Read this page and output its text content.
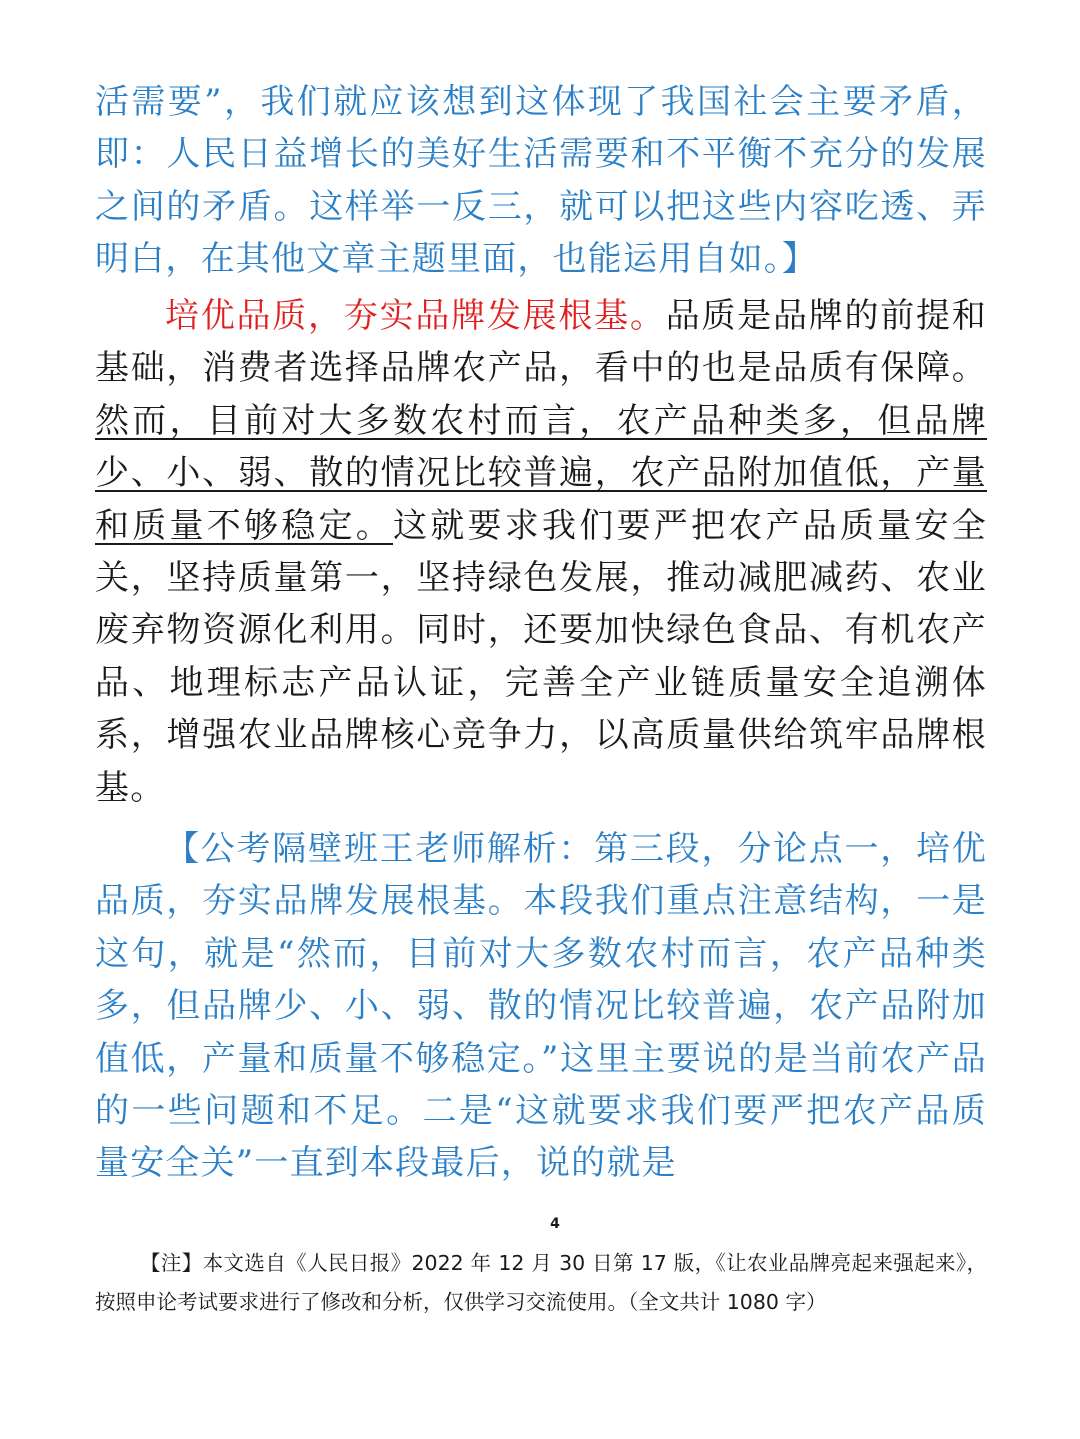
活需要”，我们就应该想到这体现了我国社会主要矛盾，即：人民日益增长的美好生活需要和不平衡不充分的发展之间的矛盾。这样举一反三，就可以把这些内容吃透、弄明白，在其他文章主题里面，也能运用自如。】

培优品质，夯实品牌发展根基。品质是品牌的前提和基础，消费者选择品牌农产品，看中的也是品质有保障。然而，目前对大多数农村而言，农产品种类多，但品牌少、小、弱、散的情况比较普遍，农产品附加值低，产量和质量不够稳定。这就要求我们要严把农产品质量安全关，坚持质量第一，坚持绿色发展，推动减肥减药、农业废弃物资源化利用。同时，还要加快绿色食品、有机农产品、地理标志产品认证，完善全产业链质量安全追溯体系，增强农业品牌核心竞争力，以高质量供给筑牢品牌根基。

【公考隔壁班王老师解析：第三段，分论点一，培优品质，夯实品牌发展根基。本段我们重点注意结构，一是这句，就是“然而，目前对大多数农村而言，农产品种类多，但品牌少、小、弱、散的情况比较普遍，农产品附加值低，产量和质量不够稳定。”这里主要说的是当前农产品的一些问题和不足。二是“这就要求我们要严把农产品质量安全关”一直到本段最后，说的就是

4

【注】本文选自《人民日报》2022 年 12 月 30 日第 17 版，《让农业品牌亮起来强起来》，按照申论考试要求进行了修改和分析，仅供学习交流使用。（全文共计 1080 字）
